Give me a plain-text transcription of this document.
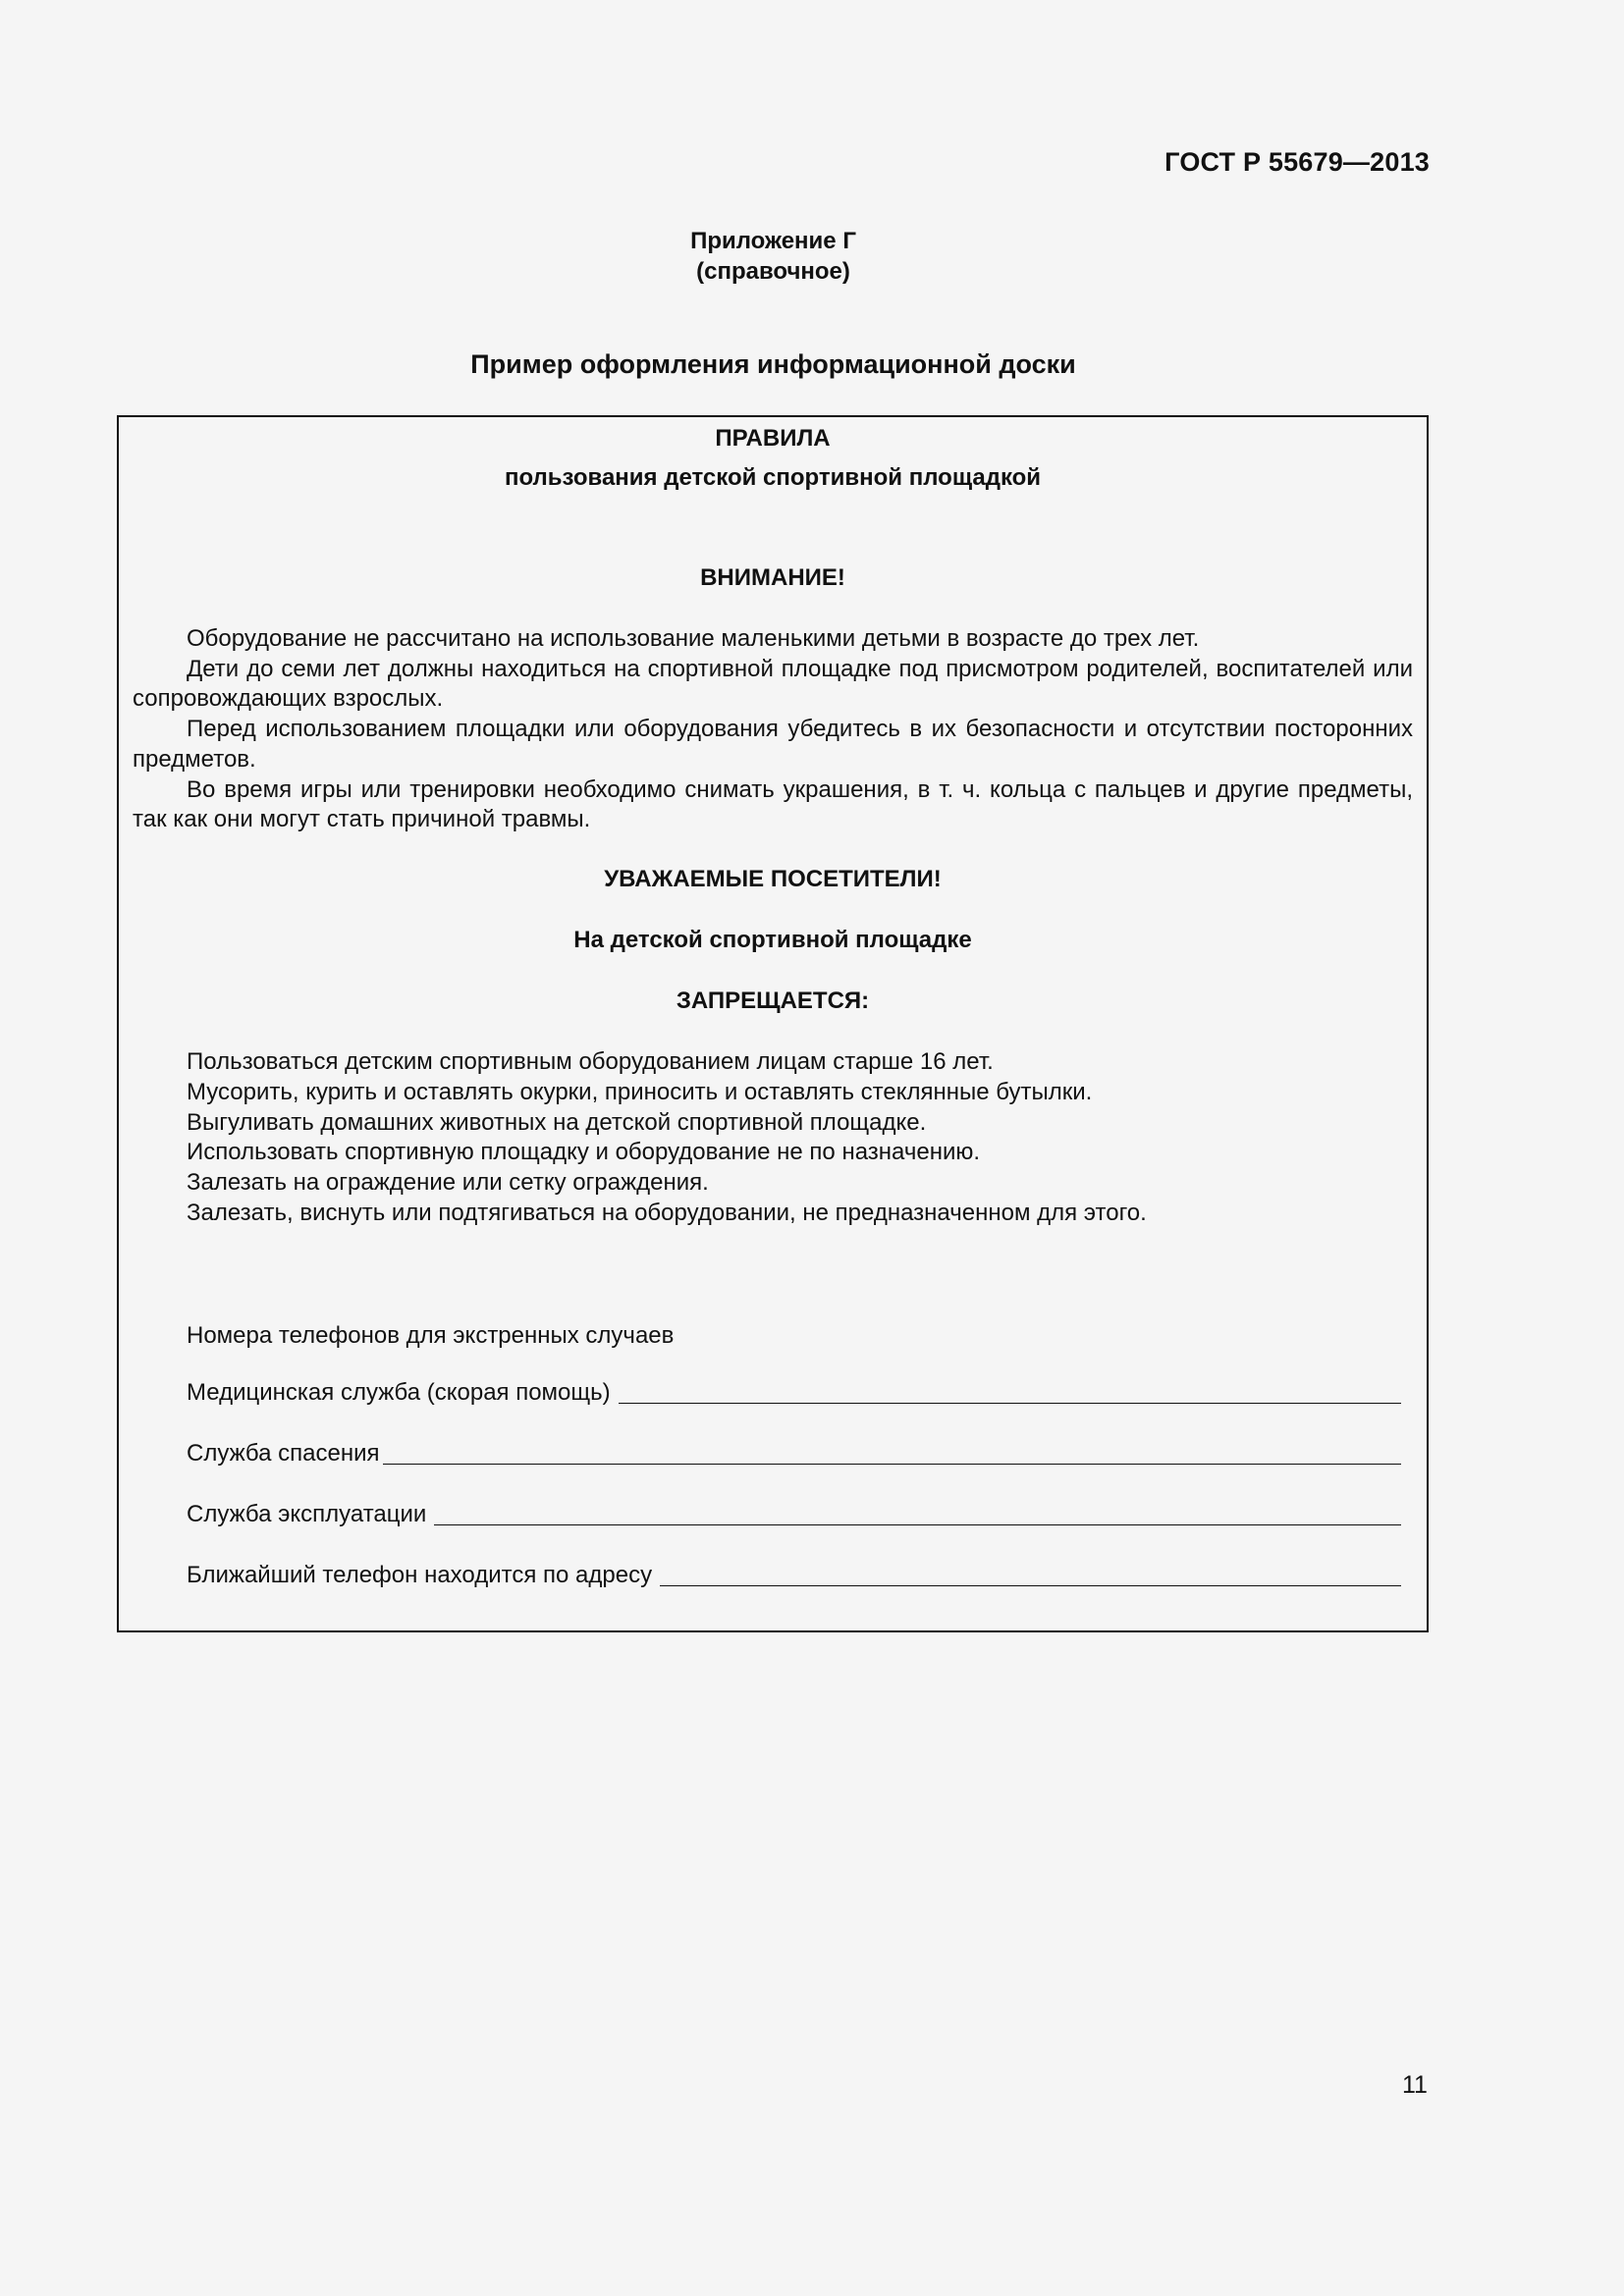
ГОСТ Р 55679—2013
Приложение Г
(справочное)
Пример оформления информационной доски
ПРАВИЛА
пользования детской спортивной площадкой
ВНИМАНИЕ!

Оборудование не рассчитано на использование маленькими детьми в возрасте до трех лет.

Дети до семи лет должны находиться на спортивной площадке под присмотром родителей, воспитателей или сопровождающих взрослых.

Перед использованием площадки или оборудования убедитесь в их безопасности и отсутствии посторонних предметов.

Во время игры или тренировки необходимо снимать украшения, в т. ч. кольца с пальцев и другие предметы, так как они могут стать причиной травмы.

УВАЖАЕМЫЕ ПОСЕТИТЕЛИ!
На детской спортивной площадке
ЗАПРЕЩАЕТСЯ:
Пользоваться детским спортивным оборудованием лицам старше 16 лет.
Мусорить, курить и оставлять окурки, приносить и оставлять стеклянные бутылки.
Выгуливать домашних животных на детской спортивной площадке.
Использовать спортивную площадку и оборудование не по назначению.
Залезать на ограждение или сетку ограждения.
Залезать, виснуть или подтягиваться на оборудовании, не предназначенном для этого.
Номера телефонов для экстренных случаев
Медицинская служба (скорая помощь)
Служба спасения
Служба эксплуатации
Ближайший телефон находится по адресу
11
